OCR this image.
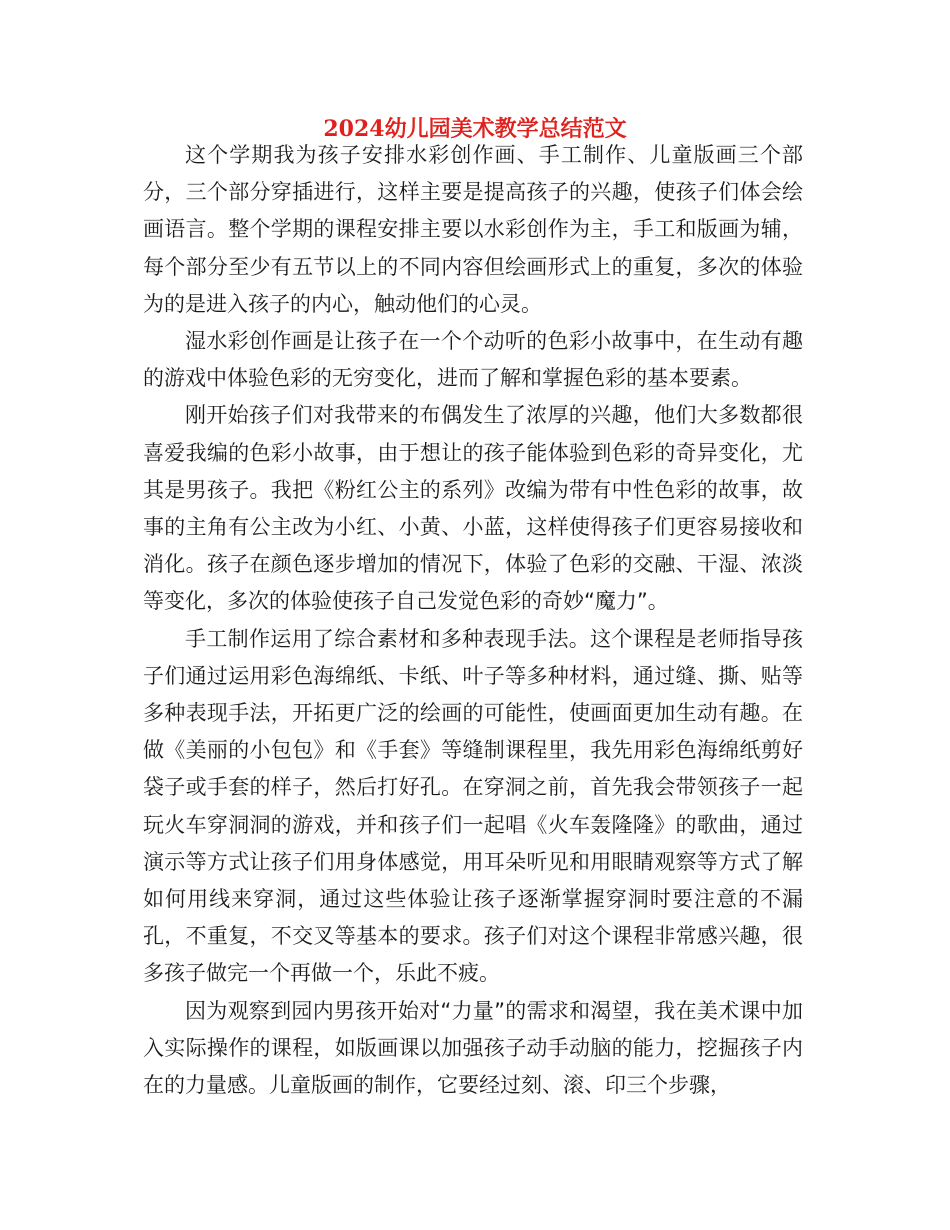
2024幼儿园美术教学总结范文

这个学期我为孩子安排水彩创作画、手工制作、儿童版画三个部分，三个部分穿插进行，这样主要是提高孩子的兴趣，使孩子们体会绘画语言。整个学期的课程安排主要以水彩创作为主，手工和版画为辅，每个部分至少有五节以上的不同内容但绘画形式上的重复，多次的体验为的是进入孩子的内心，触动他们的心灵。

湿水彩创作画是让孩子在一个个动听的色彩小故事中，在生动有趣的游戏中体验色彩的无穷变化，进而了解和掌握色彩的基本要素。

刚开始孩子们对我带来的布偶发生了浓厚的兴趣，他们大多数都很喜爱我编的色彩小故事，由于想让的孩子能体验到色彩的奇异变化，尤其是男孩子。我把《粉红公主的系列》改编为带有中性色彩的故事，故事的主角有公主改为小红、小黄、小蓝，这样使得孩子们更容易接收和消化。孩子在颜色逐步增加的情况下，体验了色彩的交融、干湿、浓淡等变化，多次的体验使孩子自己发觉色彩的奇妙“魔力”。

手工制作运用了综合素材和多种表现手法。这个课程是老师指导孩子们通过运用彩色海绵纸、卡纸、叶子等多种材料，通过缝、撕、贴等多种表现手法，开拓更广泛的绘画的可能性，使画面更加生动有趣。在做《美丽的小包包》和《手套》等缝制课程里，我先用彩色海绵纸剪好袋子或手套的样子，然后打好孔。在穿洞之前，首先我会带领孩子一起玩火车穿洞洞的游戏，并和孩子们一起唱《火车轰隆隆》的歌曲，通过演示等方式让孩子们用身体感觉，用耳朵听见和用眼睛观察等方式了解如何用线来穿洞，通过这些体验让孩子逐渐掌握穿洞时要注意的不漏孔，不重复，不交叉等基本的要求。孩子们对这个课程非常感兴趣，很多孩子做完一个再做一个，乐此不疲。

因为观察到园内男孩开始对“力量”的需求和渴望，我在美术课中加入实际操作的课程，如版画课以加强孩子动手动脑的能力，挖掘孩子内在的力量感。儿童版画的制作，它要经过刻、滚、印三个步骤，
